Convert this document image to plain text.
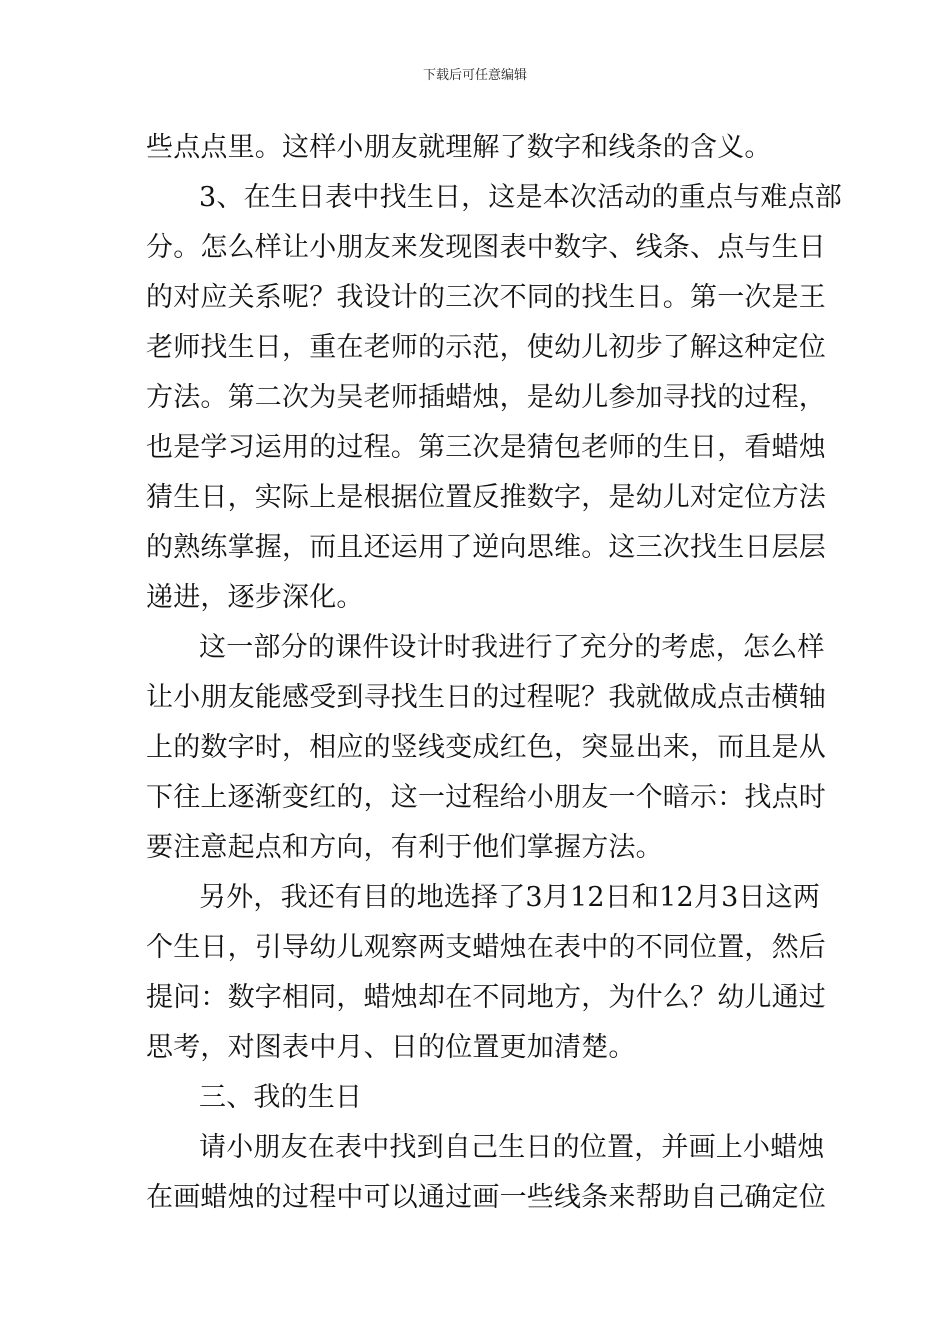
下载后可任意编辑
些点点里。这样小朋友就理解了数字和线条的含义。
3、在生日表中找生日，这是本次活动的重点与难点部
分。怎么样让小朋友来发现图表中数字、线条、点与生日
的对应关系呢？我设计的三次不同的找生日。第一次是王
老师找生日，重在老师的示范，使幼儿初步了解这种定位
方法。第二次为吴老师插蜡烛，是幼儿参加寻找的过程，
也是学习运用的过程。第三次是猜包老师的生日，看蜡烛
猜生日，实际上是根据位置反推数字，是幼儿对定位方法
的熟练掌握，而且还运用了逆向思维。这三次找生日层层
递进，逐步深化。
这一部分的课件设计时我进行了充分的考虑，怎么样
让小朋友能感受到寻找生日的过程呢？我就做成点击横轴
上的数字时，相应的竖线变成红色，突显出来，而且是从
下往上逐渐变红的，这一过程给小朋友一个暗示：找点时
要注意起点和方向，有利于他们掌握方法。
另外，我还有目的地选择了3月12日和12月3日这两
个生日，引导幼儿观察两支蜡烛在表中的不同位置，然后
提问：数字相同，蜡烛却在不同地方，为什么？幼儿通过
思考，对图表中月、日的位置更加清楚。
三、我的生日
请小朋友在表中找到自己生日的位置，并画上小蜡烛
在画蜡烛的过程中可以通过画一些线条来帮助自己确定位
